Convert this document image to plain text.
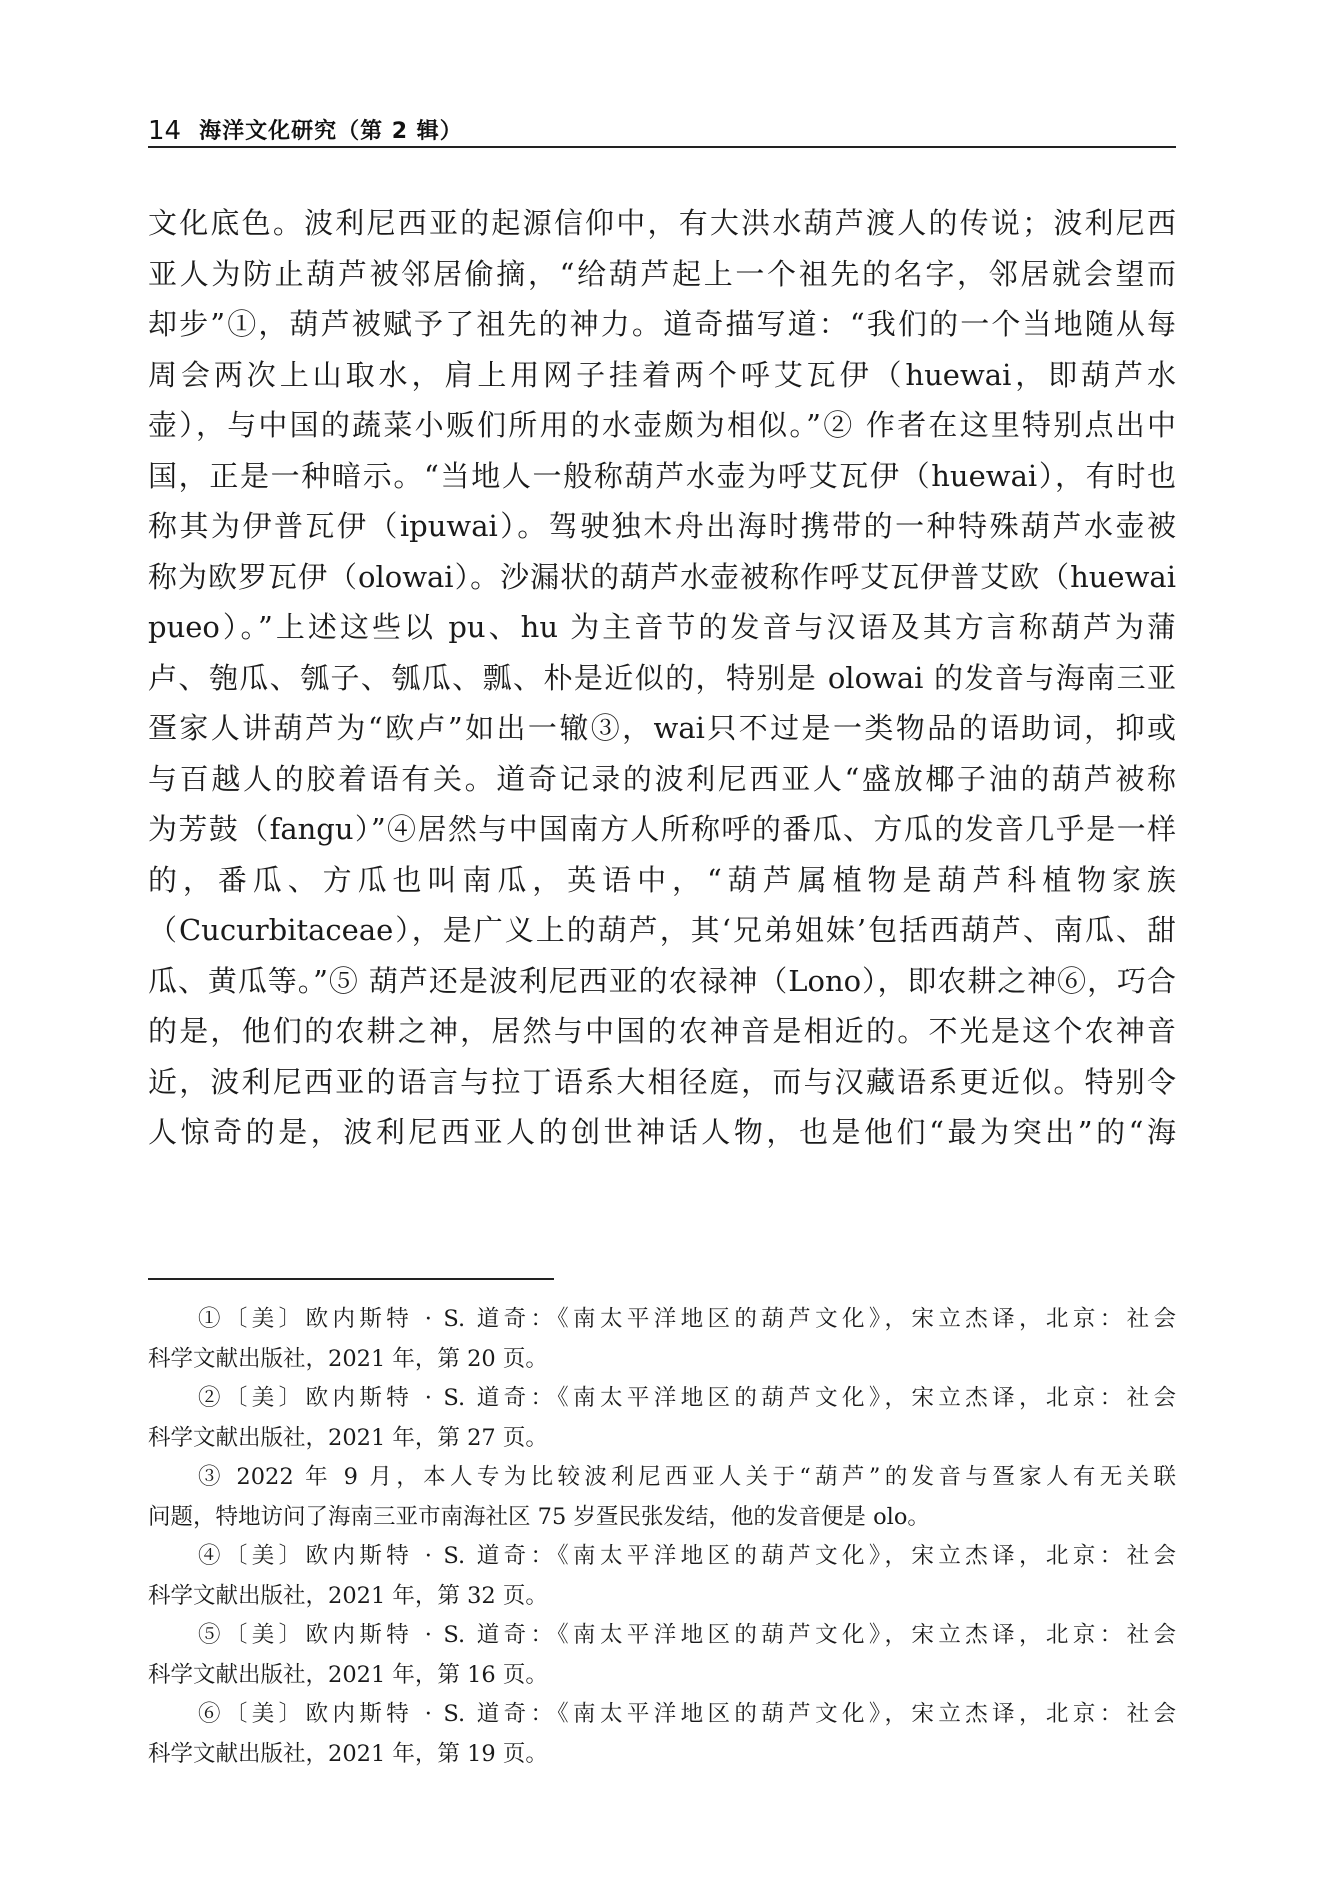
14 海洋文化研究（第 2 辑）
文化底色。波利尼西亚的起源信仰中，有大洪水葫芦渡人的传说；波利尼西
亚人为防止葫芦被邻居偷摘，“给葫芦起上一个祖先的名字，邻居就会望而
却步”①，葫芦被赋予了祖先的神力。道奇描写道：“我们的一个当地随从每
周会两次上山取水，肩上用网子挂着两个呼艾瓦伊（huewai，即葫芦水
壶），与中国的蔬菜小贩们所用的水壶颇为相似。”② 作者在这里特别点出中
国，正是一种暗示。“当地人一般称葫芦水壶为呼艾瓦伊（huewai），有时也
称其为伊普瓦伊（ipuwai）。驾驶独木舟出海时携带的一种特殊葫芦水壶被
称为欧罗瓦伊（olowai）。沙漏状的葫芦水壶被称作呼艾瓦伊普艾欧（huewai
pueo）。”上述这些以 pu、hu 为主音节的发音与汉语及其方言称葫芦为蒲
卢、匏瓜、瓠子、瓠瓜、瓢、朴是近似的，特别是 olowai 的发音与海南三亚
疍家人讲葫芦为“欧卢”如出一辙③，wai只不过是一类物品的语助词，抑或
与百越人的胶着语有关。道奇记录的波利尼西亚人“盛放椰子油的葫芦被称
为芳鼓（fangu）”④居然与中国南方人所称呼的番瓜、方瓜的发音几乎是一样
的，番瓜、方瓜也叫南瓜，英语中，“葫芦属植物是葫芦科植物家族
（Cucurbitaceae），是广义上的葫芦，其‘兄弟姐妹’包括西葫芦、南瓜、甜
瓜、黄瓜等。”⑤ 葫芦还是波利尼西亚的农禄神（Lono），即农耕之神⑥，巧合
的是，他们的农耕之神，居然与中国的农神音是相近的。不光是这个农神音
近，波利尼西亚的语言与拉丁语系大相径庭，而与汉藏语系更近似。特别令
人惊奇的是，波利尼西亚人的创世神话人物，也是他们“最为突出”的“海
①〔美〕欧内斯特 · S. 道奇：《南太平洋地区的葫芦文化》，宋立杰译，北京：社会
科学文献出版社，2021 年，第 20 页。
②〔美〕欧内斯特 · S. 道奇：《南太平洋地区的葫芦文化》，宋立杰译，北京：社会
科学文献出版社，2021 年，第 27 页。
③ 2022 年 9 月，本人专为比较波利尼西亚人关于“葫芦”的发音与疍家人有无关联
问题，特地访问了海南三亚市南海社区 75 岁疍民张发结，他的发音便是 olo。
④〔美〕欧内斯特 · S. 道奇：《南太平洋地区的葫芦文化》，宋立杰译，北京：社会
科学文献出版社，2021 年，第 32 页。
⑤〔美〕欧内斯特 · S. 道奇：《南太平洋地区的葫芦文化》，宋立杰译，北京：社会
科学文献出版社，2021 年，第 16 页。
⑥〔美〕欧内斯特 · S. 道奇：《南太平洋地区的葫芦文化》，宋立杰译，北京：社会
科学文献出版社，2021 年，第 19 页。
